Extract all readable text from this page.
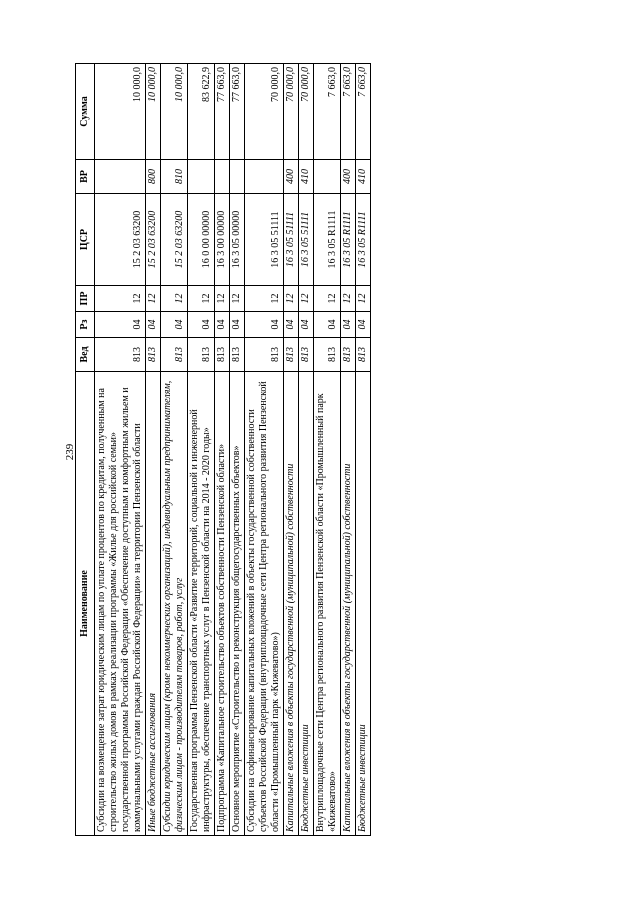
239
Наименование	Вед	Рз	ПР	ЦСР	ВР	Сумма
Субсидии на возмещение затрат юридическим лицам по уплате процентов по кредитам, полученным на строительство жилых домов в рамках реализации программы «Жилье для российской семьи» государственной программы Российской Федерации «Обеспечение доступным и комфортным жильем и коммунальными услугами граждан Российской Федерации» на территории Пензенской области	813	04	12	15 2 03 63200		10 000,0
Иные бюджетные ассигнования	813	04	12	15 2 03 63200	800	10 000,0
Субсидии юридическим лицам (кроме некоммерческих организаций), индивидуальным предпринимателям, физическим лицам - производителям товаров, работ, услуг	813	04	12	15 2 03 63200	810	10 000,0
Государственная программа Пензенской области «Развитие территорий, социальной и инженерной инфраструктуры, обеспечение транспортных услуг в Пензенской области на 2014 - 2020 годы»	813	04	12	16 0 00 00000		83 622,9
Подпрограмма «Капитальное строительство объектов собственности Пензенской области»	813	04	12	16 3 00 00000		77 663,0
Основное мероприятие «Строительство и реконструкция общегосударственных объектов»	813	04	12	16 3 05 00000		77 663,0
Субсидии на софинансирование капитальных вложений в объекты государственной собственности субъектов Российской Федерации (внутриплощадочные сети Центра регионального развития Пензенской области «Промышленный парк «Кижеватово»)	813	04	12	16 3 05 51111		70 000,0
Капитальные вложения в объекты государственной (муниципальной) собственности	813	04	12	16 3 05 51111	400	70 000,0
Бюджетные инвестиции	813	04	12	16 3 05 51111	410	70 000,0
Внутриплощадочные сети Центра регионального развития Пензенской области «Промышленный парк «Кижеватово»	813	04	12	16 3 05 R1111		7 663,0
Капитальные вложения в объекты государственной (муниципальной) собственности	813	04	12	16 3 05 R1111	400	7 663,0
Бюджетные инвестиции	813	04	12	16 3 05 R1111	410	7 663,0
